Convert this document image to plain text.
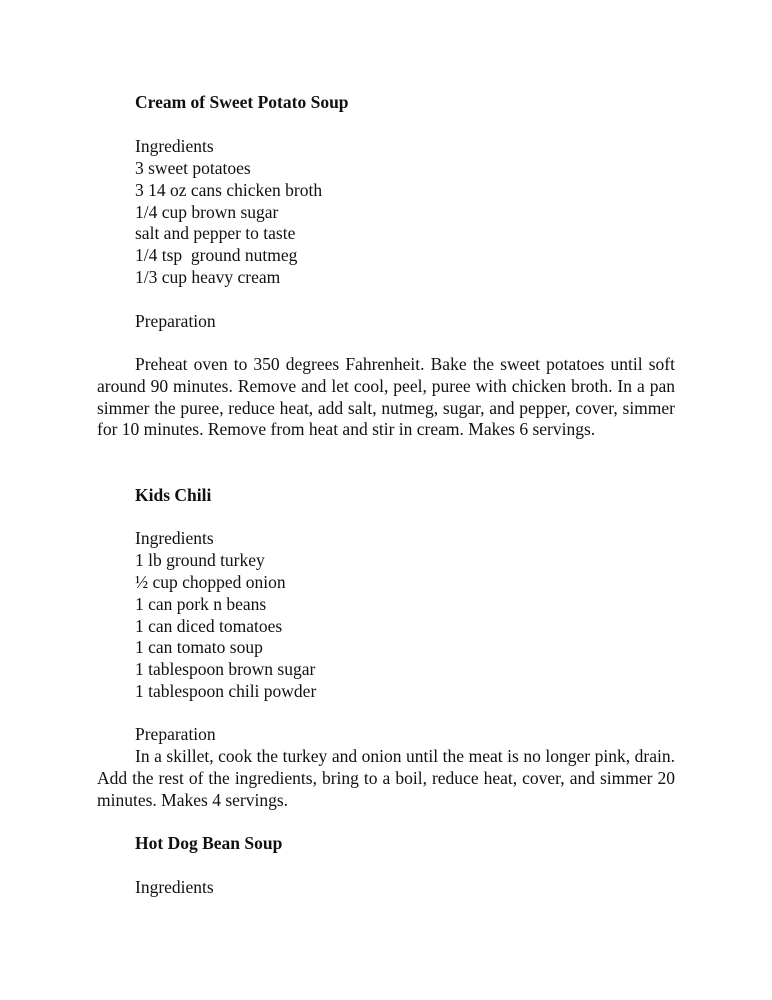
Cream of Sweet Potato Soup
Ingredients
3 sweet potatoes
3 14 oz cans chicken broth
1/4 cup brown sugar
salt and pepper to taste
1/4 tsp  ground nutmeg
1/3 cup heavy cream
Preparation
Preheat oven to 350 degrees Fahrenheit. Bake the sweet potatoes until soft around 90 minutes. Remove and let cool, peel, puree with chicken broth. In a pan simmer the puree, reduce heat, add salt, nutmeg, sugar, and pepper, cover, simmer for 10 minutes. Remove from heat and stir in cream. Makes 6 servings.
Kids Chili
Ingredients
1 lb ground turkey
½ cup chopped onion
1 can pork n beans
1 can diced tomatoes
1 can tomato soup
1 tablespoon brown sugar
1 tablespoon chili powder
Preparation
In a skillet, cook the turkey and onion until the meat is no longer pink, drain. Add the rest of the ingredients, bring to a boil, reduce heat, cover, and simmer 20 minutes. Makes 4 servings.
Hot Dog Bean Soup
Ingredients
